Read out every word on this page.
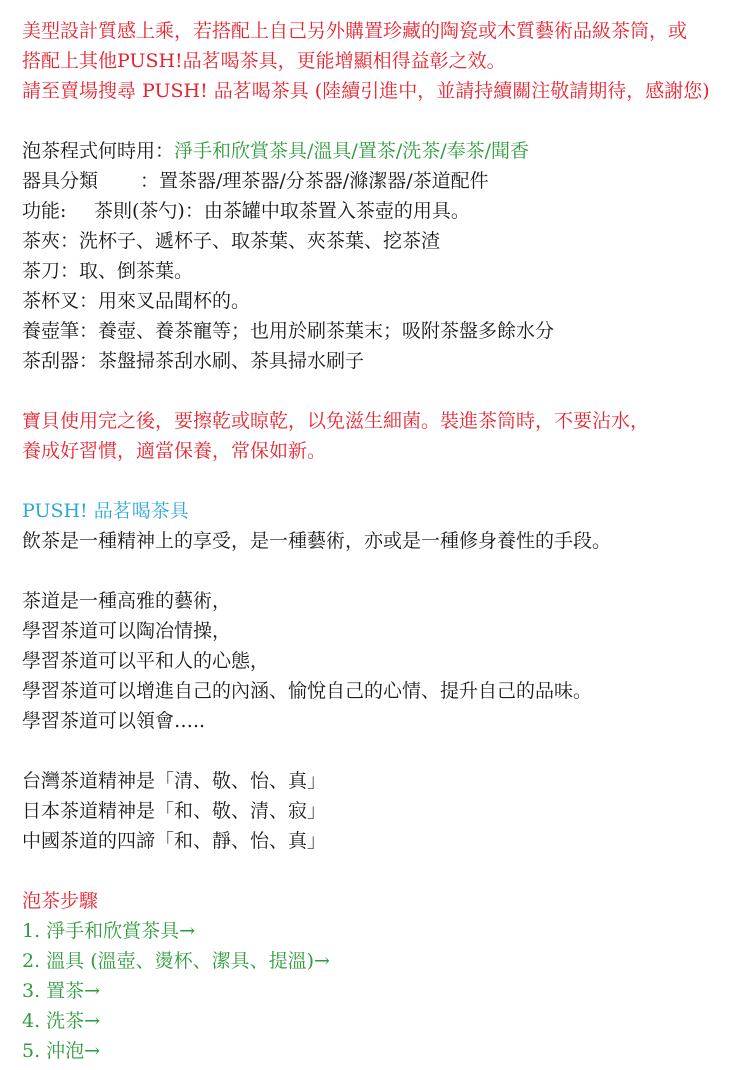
美型設計質感上乘，若搭配上自己另外購置珍藏的陶瓷或木質藝術品級茶筒，或
搭配上其他PUSH!品茗喝茶具，更能增顯相得益彰之效。
請至賣場搜尋 PUSH! 品茗喝茶具 (陸續引進中，並請持續關注敬請期待，感謝您)
泡茶程式何時用：淨手和欣賞茶具/溫具/置茶/洗茶/奉茶/聞香
器具分類 ：置茶器/理茶器/分茶器/滌潔器/茶道配件
功能: 茶則(茶勺)：由茶罐中取茶置入茶壺的用具。
茶夾：洗杯子、遞杯子、取茶葉、夾茶葉、挖茶渣
茶刀：取、倒茶葉。
茶杯叉：用來叉品聞杯的。
養壺筆：養壺、養茶寵等；也用於刷茶葉末；吸附茶盤多餘水分
茶刮器：茶盤掃茶刮水刷、茶具掃水刷子
寶貝使用完之後，要擦乾或晾乾，以免滋生細菌。裝進茶筒時，不要沾水，
養成好習慣，適當保養，常保如新。
PUSH! 品茗喝茶具
飲茶是一種精神上的享受，是一種藝術，亦或是一種修身養性的手段。
茶道是一種高雅的藝術，
學習茶道可以陶冶情操，
學習茶道可以平和人的心態，
學習茶道可以增進自己的內涵、愉悅自己的心情、提升自己的品味。
學習茶道可以領會…..
台灣茶道精神是「清、敬、怡、真」
日本茶道精神是「和、敬、清、寂」
中國茶道的四諦「和、靜、怡、真」
泡茶步驟
1. 淨手和欣賞茶具→
2. 溫具 (溫壺、燙杯、潔具、提溫)→
3. 置茶→
4. 洗茶→
5. 沖泡→
